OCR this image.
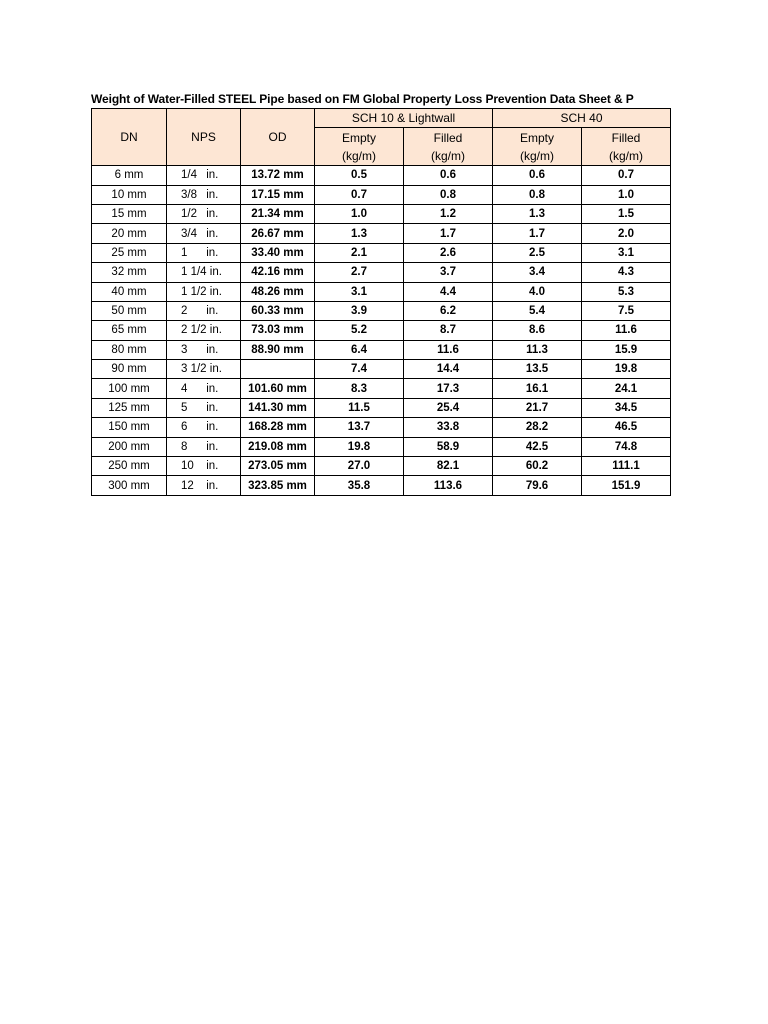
Weight of Water-Filled STEEL Pipe based on FM Global Property Loss Prevention Data Sheet & P
DN	NPS	OD	SCH 10 & Lightwall		SCH 40	
			Empty	Filled	Empty	Filled
			(kg/m)	(kg/m)	(kg/m)	(kg/m)
6 mm	1/4 in.	13.72 mm	0.5	0.6	0.6	0.7
10 mm	3/8 in.	17.15 mm	0.7	0.8	0.8	1.0
15 mm	1/2 in.	21.34 mm	1.0	1.2	1.3	1.5
20 mm	3/4 in.	26.67 mm	1.3	1.7	1.7	2.0
25 mm	1 in.	33.40 mm	2.1	2.6	2.5	3.1
32 mm	1 1/4 in.	42.16 mm	2.7	3.7	3.4	4.3
40 mm	1 1/2 in.	48.26 mm	3.1	4.4	4.0	5.3
50 mm	2 in.	60.33 mm	3.9	6.2	5.4	7.5
65 mm	2 1/2 in.	73.03 mm	5.2	8.7	8.6	11.6
80 mm	3 in.	88.90 mm	6.4	11.6	11.3	15.9
90 mm	3 1/2 in.		7.4	14.4	13.5	19.8
100 mm	4 in.	101.60 mm	8.3	17.3	16.1	24.1
125 mm	5 in.	141.30 mm	11.5	25.4	21.7	34.5
150 mm	6 in.	168.28 mm	13.7	33.8	28.2	46.5
200 mm	8 in.	219.08 mm	19.8	58.9	42.5	74.8
250 mm	10 in.	273.05 mm	27.0	82.1	60.2	111.1
300 mm	12 in.	323.85 mm	35.8	113.6	79.6	151.9
